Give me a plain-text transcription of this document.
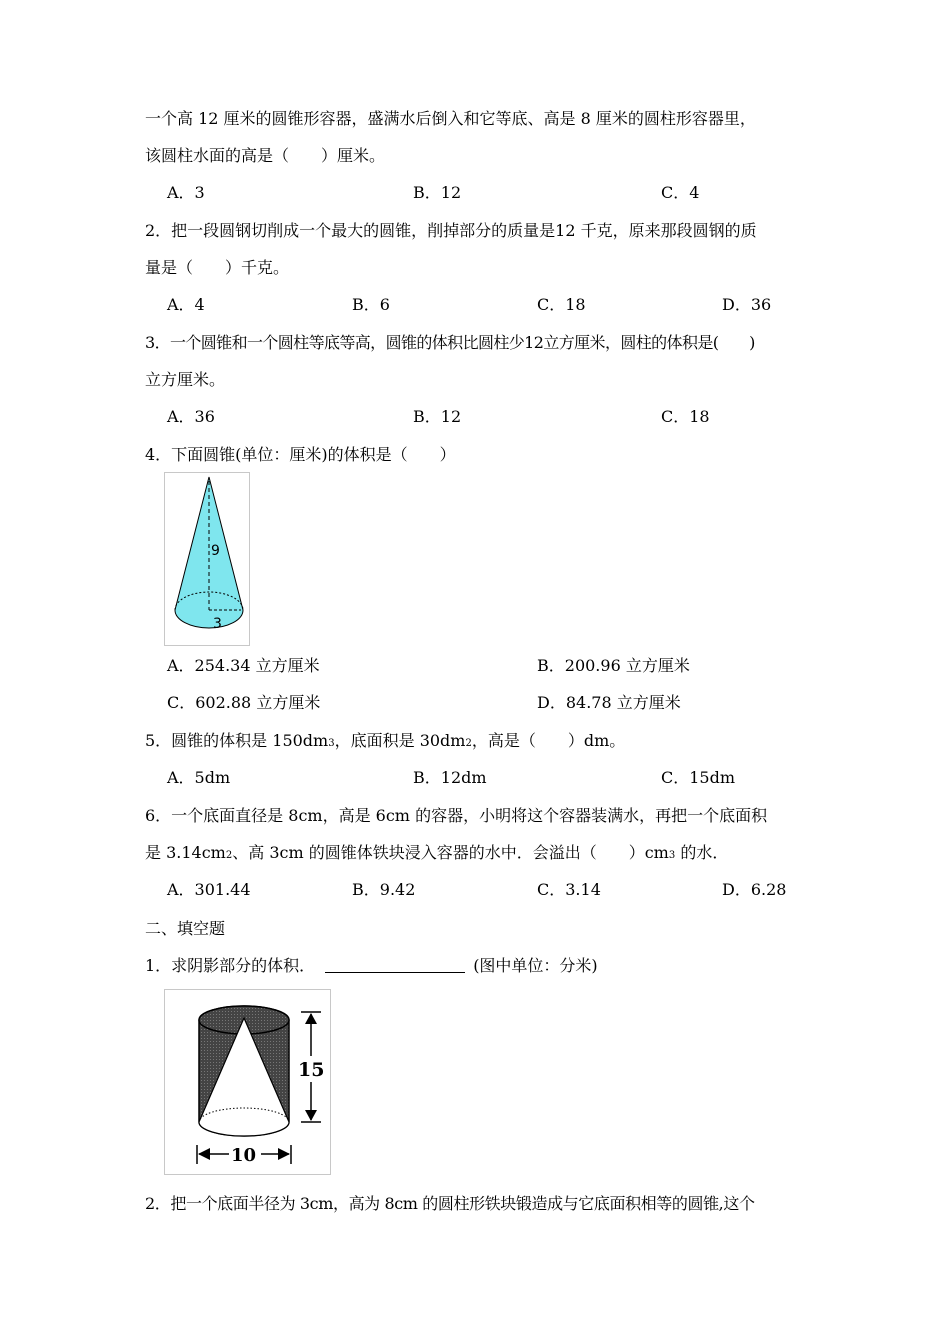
一个高 12 厘米的圆锥形容器，盛满水后倒入和它等底、高是 8 厘米的圆柱形容器里，
该圆柱水面的高是（　　）厘米。
A．3	B．12	C．4
2．把一段圆钢切削成一个最大的圆锥，削掉部分的质量是12 千克，原来那段圆钢的质
量是（　　）千克。
A．4	B．6	C．18	D．36
3．一个圆锥和一个圆柱等底等高，圆锥的体积比圆柱少12立方厘米，圆柱的体积是(　　)
立方厘米。
A．36	B．12	C．18
4．下面圆锥(单位：厘米)的体积是（　　）
9
3
A．254.34 立方厘米	B．200.96 立方厘米
C．602.88 立方厘米	D．84.78 立方厘米
5．圆锥的体积是 150dm3，底面积是 30dm2，高是（　　）dm。
A．5dm	B．12dm	C．15dm
6．一个底面直径是 8cm，高是 6cm 的容器，小明将这个容器装满水，再把一个底面积
是 3.14cm2、高 3cm 的圆锥体铁块浸入容器的水中．会溢出（　　）cm3 的水．
A．301.44	B．9.42	C．3.14	D．6.28
二、填空题
1．求阴影部分的体积．	(图中单位：分米)
15
10
2．把一个底面半径为 3cm，高为 8cm 的圆柱形铁块锻造成与它底面积相等的圆锥,这个
